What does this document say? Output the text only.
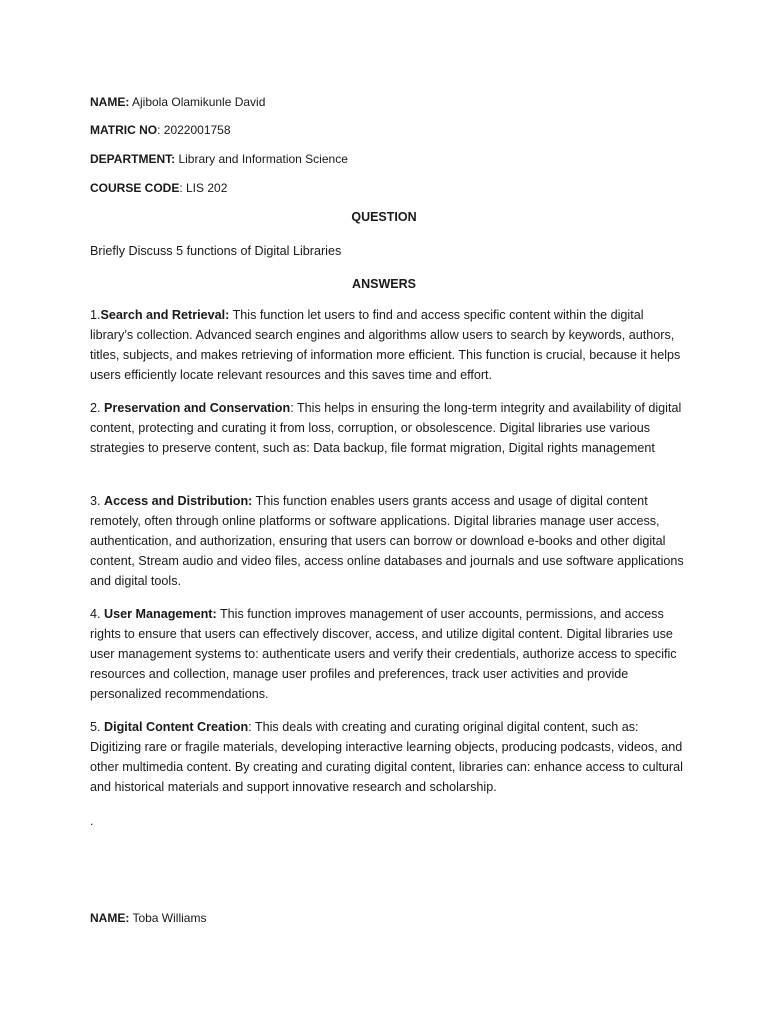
NAME: Ajibola Olamikunle David
MATRIC NO: 2022001758
DEPARTMENT: Library and Information Science
COURSE CODE: LIS 202
QUESTION
Briefly Discuss 5 functions of Digital Libraries
ANSWERS
1.Search and Retrieval: This function let users to find and access specific content within the digital library’s collection. Advanced search engines and algorithms allow users to search by keywords, authors, titles, subjects, and makes retrieving of information more efficient. This function is crucial, because it helps users efficiently locate relevant resources and this saves time and effort.
2. Preservation and Conservation: This helps in ensuring the long-term integrity and availability of digital content, protecting and curating it from loss, corruption, or obsolescence. Digital libraries use various strategies to preserve content, such as: Data backup, file format migration, Digital rights management
3. Access and Distribution: This function enables users grants access and usage of digital content remotely, often through online platforms or software applications. Digital libraries manage user access, authentication, and authorization, ensuring that users can borrow or download e-books and other digital content, Stream audio and video files, access online databases and journals and use software applications and digital tools.
4. User Management: This function improves management of user accounts, permissions, and access rights to ensure that users can effectively discover, access, and utilize digital content. Digital libraries use user management systems to: authenticate users and verify their credentials, authorize access to specific resources and collection, manage user profiles and preferences, track user activities and provide personalized recommendations.
5. Digital Content Creation: This deals with creating and curating original digital content, such as: Digitizing rare or fragile materials, developing interactive learning objects, producing podcasts, videos, and other multimedia content. By creating and curating digital content, libraries can: enhance access to cultural and historical materials and support innovative research and scholarship.
.
NAME: Toba Williams
